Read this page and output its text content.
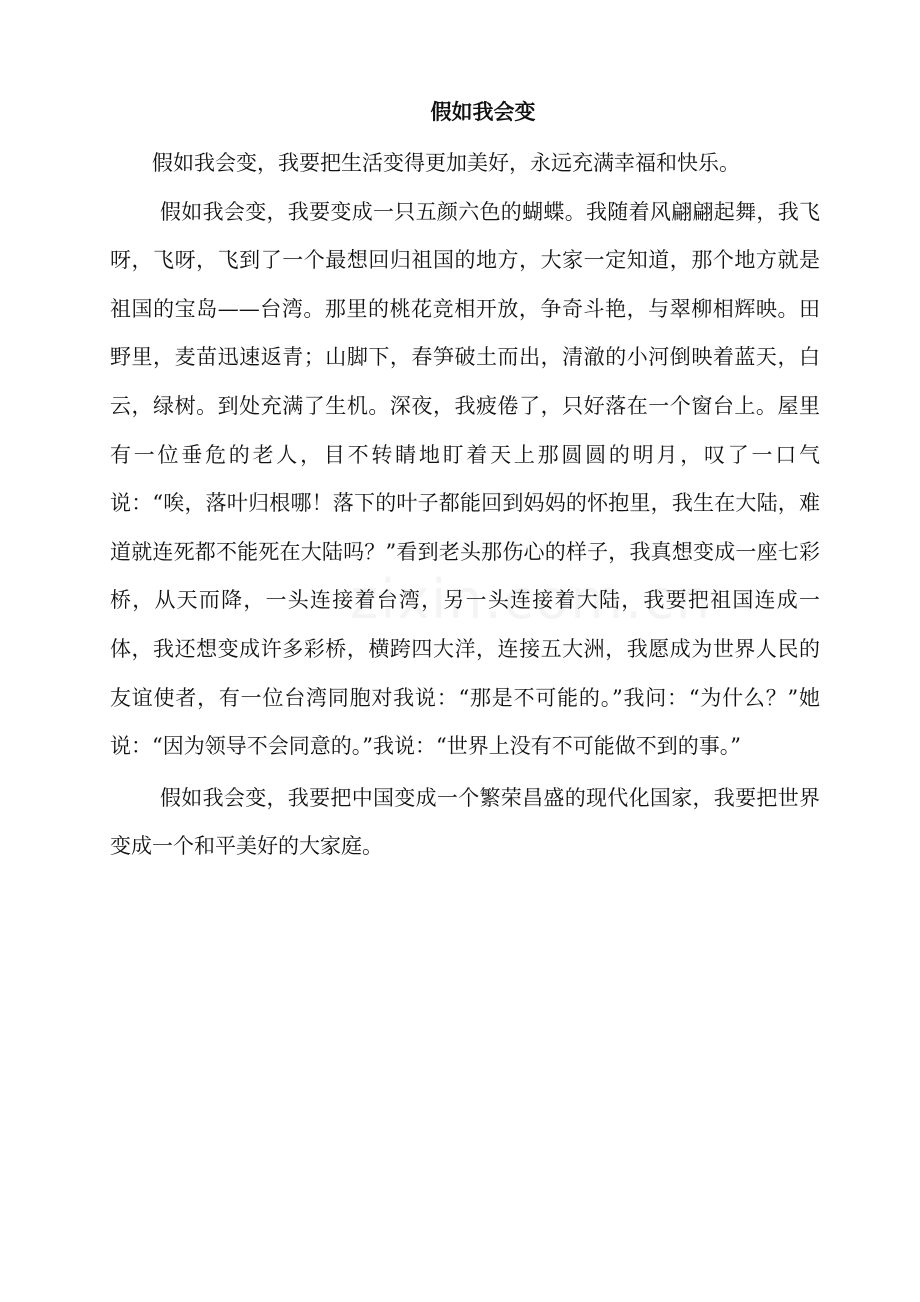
假如我会变

假如我会变，我要把生活变得更加美好，永远充满幸福和快乐。

假如我会变，我要变成一只五颜六色的蝴蝶。我随着风翩翩起舞，我飞呀，飞呀，飞到了一个最想回归祖国的地方，大家一定知道，那个地方就是祖国的宝岛——台湾。那里的桃花竞相开放，争奇斗艳，与翠柳相辉映。田野里，麦苗迅速返青；山脚下，春笋破土而出，清澈的小河倒映着蓝天，白云，绿树。到处充满了生机。深夜，我疲倦了，只好落在一个窗台上。屋里有一位垂危的老人，目不转睛地盯着天上那圆圆的明月，叹了一口气说：“唉，落叶归根哪！落下的叶子都能回到妈妈的怀抱里，我生在大陆，难道就连死都不能死在大陆吗？”看到老头那伤心的样子，我真想变成一座七彩桥，从天而降，一头连接着台湾，另一头连接着大陆，我要把祖国连成一体，我还想变成许多彩桥，横跨四大洋，连接五大洲，我愿成为世界人民的友谊使者，有一位台湾同胞对我说：“那是不可能的。”我问：“为什么？”她说：“因为领导不会同意的。”我说：“世界上没有不可能做不到的事。”

假如我会变，我要把中国变成一个繁荣昌盛的现代化国家，我要把世界变成一个和平美好的大家庭。
